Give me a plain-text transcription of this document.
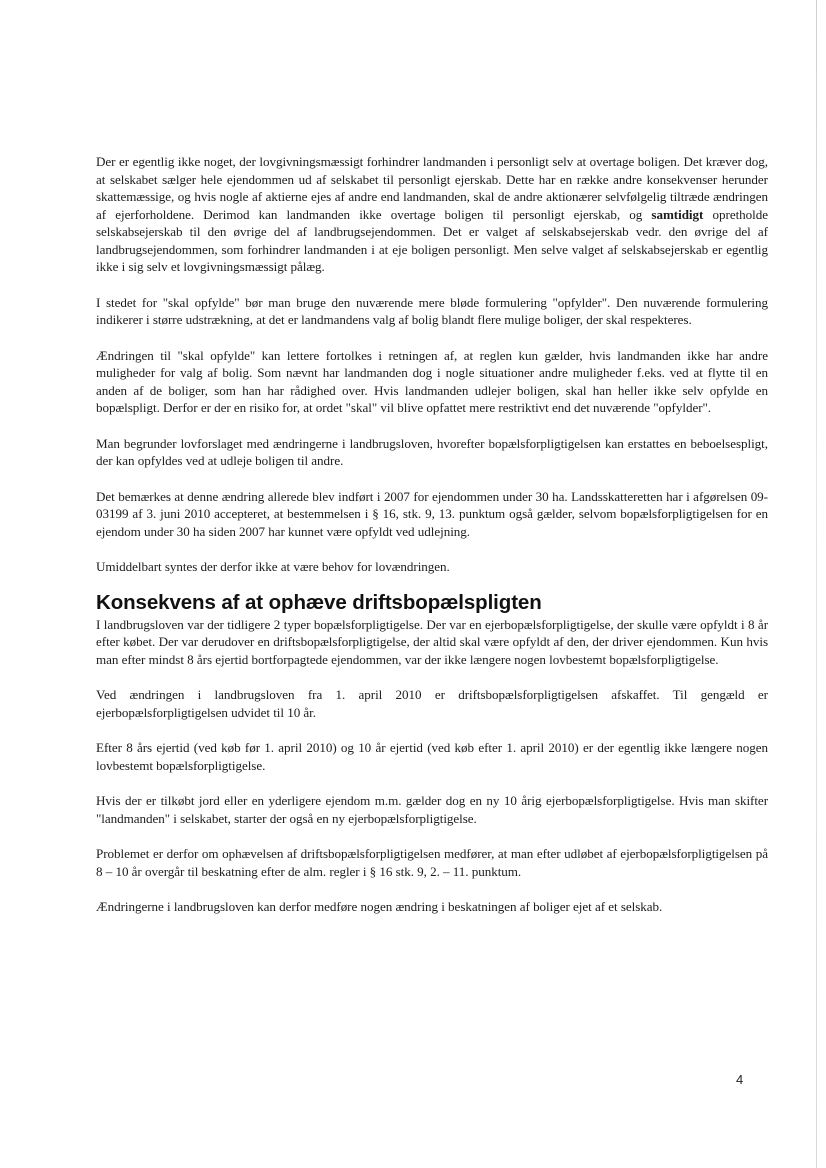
Der er egentlig ikke noget, der lovgivningsmæssigt forhindrer landmanden i personligt selv at overtage boligen. Det kræver dog, at selskabet sælger hele ejendommen ud af selskabet til personligt ejerskab. Dette har en række andre konsekvenser herunder skattemæssige, og hvis nogle af aktierne ejes af andre end landmanden, skal de andre aktionærer selvfølgelig tiltræde ændringen af ejerforholdene. Derimod kan landmanden ikke overtage boligen til personligt ejerskab, og samtidigt opretholde selskabsejerskab til den øvrige del af landbrugsejendommen. Det er valget af selskabsejerskab vedr. den øvrige del af landbrugsejendommen, som forhindrer landmanden i at eje boligen personligt. Men selve valget af selskabsejerskab er egentlig ikke i sig selv et lovgivningsmæssigt pålæg.

I stedet for "skal opfylde" bør man bruge den nuværende mere bløde formulering "opfylder". Den nuværende formulering indikerer i større udstrækning, at det er landmandens valg af bolig blandt flere mulige boliger, der skal respekteres.

Ændringen til "skal opfylde" kan lettere fortolkes i retningen af, at reglen kun gælder, hvis landmanden ikke har andre muligheder for valg af bolig. Som nævnt har landmanden dog i nogle situationer andre muligheder f.eks. ved at flytte til en anden af de boliger, som han har rådighed over. Hvis landmanden udlejer boligen, skal han heller ikke selv opfylde en bopælspligt. Derfor er der en risiko for, at ordet "skal" vil blive opfattet mere restriktivt end det nuværende "opfylder".

Man begrunder lovforslaget med ændringerne i landbrugsloven, hvorefter bopælsforpligtigelsen kan erstattes en beboelsespligt, der kan opfyldes ved at udleje boligen til andre.

Det bemærkes at denne ændring allerede blev indført i 2007 for ejendommen under 30 ha. Landsskatteretten har i afgørelsen 09-03199 af 3. juni 2010 accepteret, at bestemmelsen i § 16, stk. 9, 13. punktum også gælder, selvom bopælsforpligtigelsen for en ejendom under 30 ha siden 2007 har kunnet være opfyldt ved udlejning.

Umiddelbart syntes der derfor ikke at være behov for lovændringen.

Konsekvens af at ophæve driftsbopælspligten

I landbrugsloven var der tidligere 2 typer bopælsforpligtigelse. Der var en ejerbopælsforpligtigelse, der skulle være opfyldt i 8 år efter købet. Der var derudover en driftsbopælsforpligtigelse, der altid skal være opfyldt af den, der driver ejendommen. Kun hvis man efter mindst 8 års ejertid bortforpagtede ejendommen, var der ikke længere nogen lovbestemt bopælsforpligtigelse.

Ved ændringen i landbrugsloven fra 1. april 2010 er driftsbopælsforpligtigelsen afskaffet. Til gengæld er ejerbopælsforpligtigelsen udvidet til 10 år.

Efter 8 års ejertid (ved køb før 1. april 2010) og 10 år ejertid (ved køb efter 1. april 2010) er der egentlig ikke længere nogen lovbestemt bopælsforpligtigelse.

Hvis der er tilkøbt jord eller en yderligere ejendom m.m. gælder dog en ny 10 årig ejerbopælsforpligtigelse. Hvis man skifter "landmanden" i selskabet, starter der også en ny ejerbopælsforpligtigelse.

Problemet er derfor om ophævelsen af driftsbopælsforpligtigelsen medfører, at man efter udløbet af ejerbopælsforpligtigelsen på 8 – 10 år overgår til beskatning efter de alm. regler i § 16 stk. 9, 2. – 11. punktum.

Ændringerne i landbrugsloven kan derfor medføre nogen ændring i beskatningen af boliger ejet af et selskab.

4
